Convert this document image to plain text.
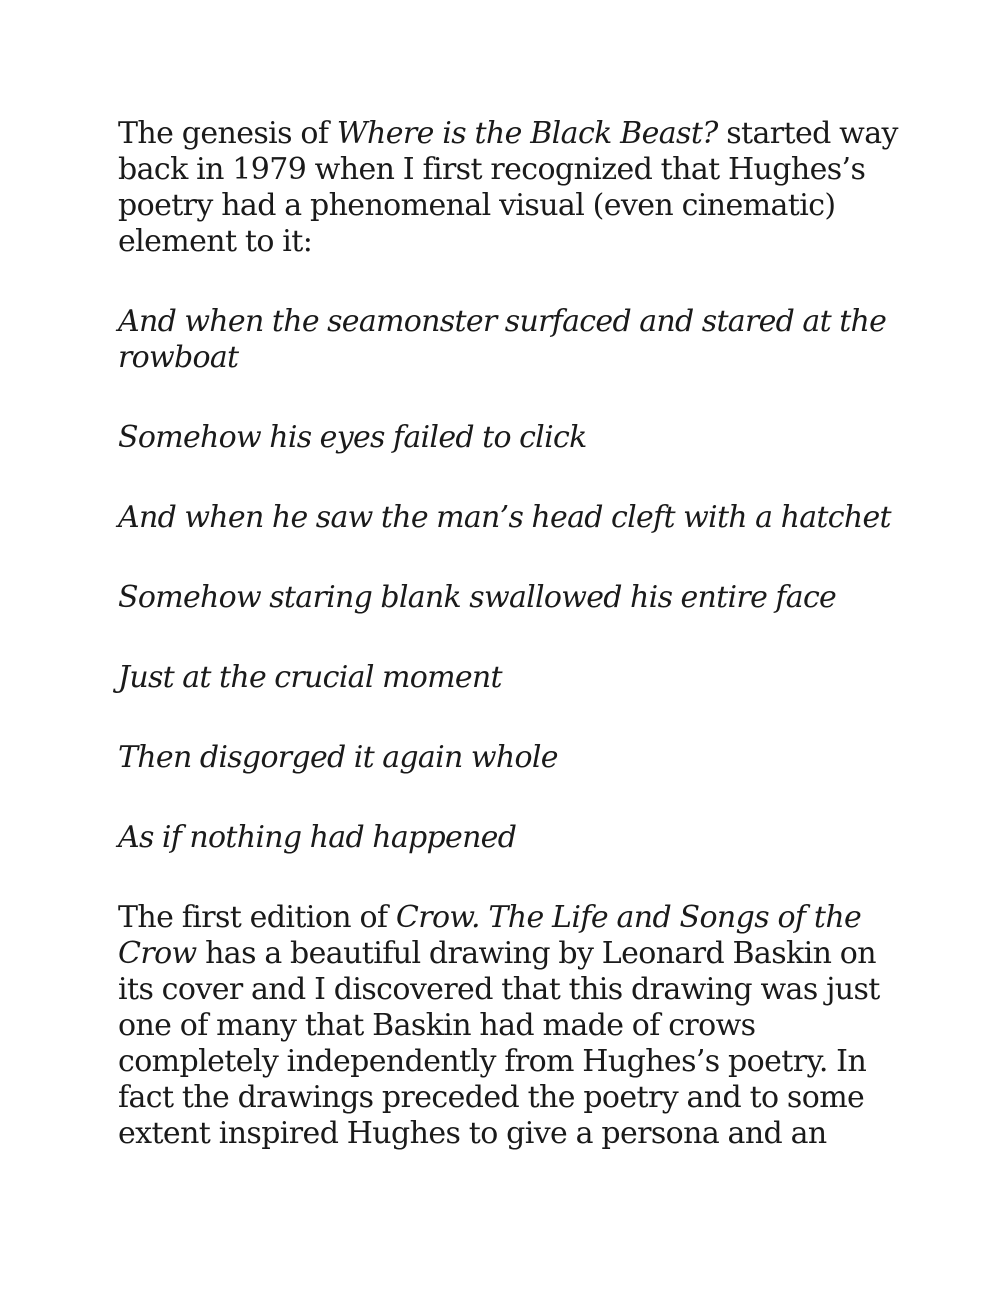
The genesis of Where is the Black Beast? started way back in 1979 when I first recognized that Hughes’s poetry had a phenomenal visual (even cinematic) element to it:

And when the seamonster surfaced and stared at the rowboat

Somehow his eyes failed to click

And when he saw the man’s head cleft with a hatchet

Somehow staring blank swallowed his entire face

Just at the crucial moment

Then disgorged it again whole

As if nothing had happened

The first edition of Crow. The Life and Songs of the Crow has a beautiful drawing by Leonard Baskin on its cover and I discovered that this drawing was just one of many that Baskin had made of crows completely independently from Hughes’s poetry. In fact the drawings preceded the poetry and to some extent inspired Hughes to give a persona and an
